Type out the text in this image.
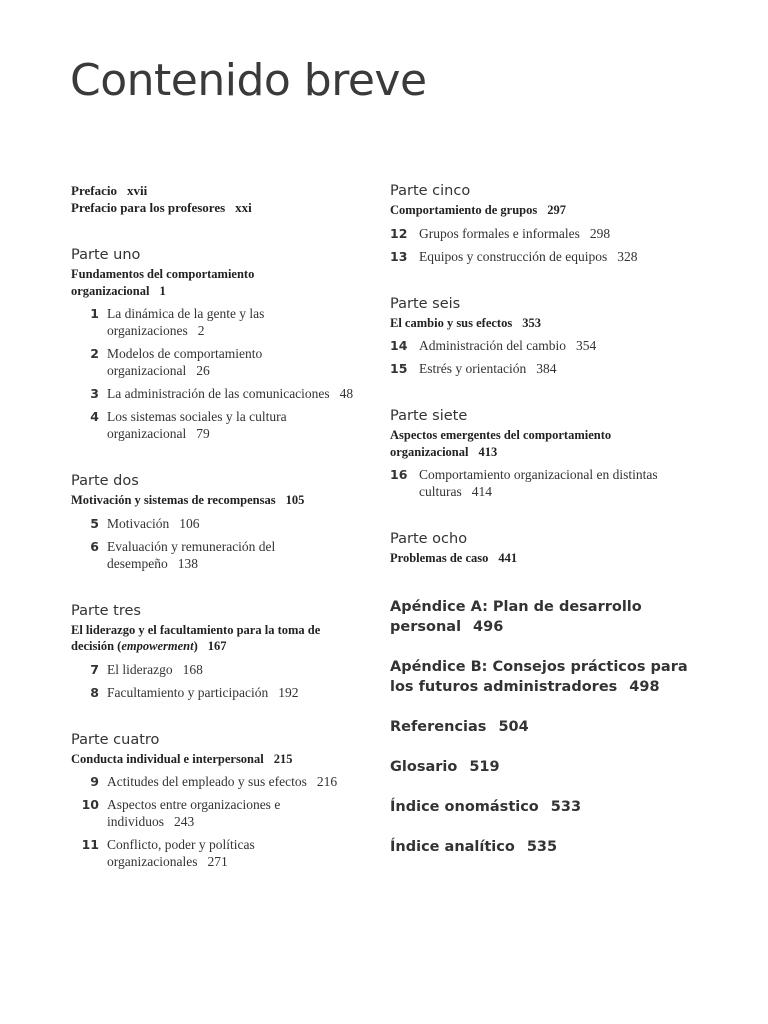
Contenido breve
Prefacio xvii
Prefacio para los profesores xxi
Parte uno
Fundamentos del comportamiento
organizacional 1
1 La dinámica de la gente y las
organizaciones 2
2 Modelos de comportamiento
organizacional 26
3 La administración de las comunicaciones 48
4 Los sistemas sociales y la cultura
organizacional 79
Parte dos
Motivación y sistemas de recompensas 105
5 Motivación 106
6 Evaluación y remuneración del
desempeño 138
Parte tres
El liderazgo y el facultamiento para la toma de
decisión (empowerment) 167
7 El liderazgo 168
8 Facultamiento y participación 192
Parte cuatro
Conducta individual e interpersonal 215
9 Actitudes del empleado y sus efectos 216
10 Aspectos entre organizaciones e
individuos 243
11 Conflicto, poder y políticas
organizacionales 271
Parte cinco
Comportamiento de grupos 297
12 Grupos formales e informales 298
13 Equipos y construcción de equipos 328
Parte seis
El cambio y sus efectos 353
14 Administración del cambio 354
15 Estrés y orientación 384
Parte siete
Aspectos emergentes del comportamiento
organizacional 413
16 Comportamiento organizacional en distintas
culturas 414
Parte ocho
Problemas de caso 441
Apéndice A: Plan de desarrollo
personal 496
Apéndice B: Consejos prácticos para
los futuros administradores 498
Referencias 504
Glosario 519
Índice onomástico 533
Índice analítico 535
